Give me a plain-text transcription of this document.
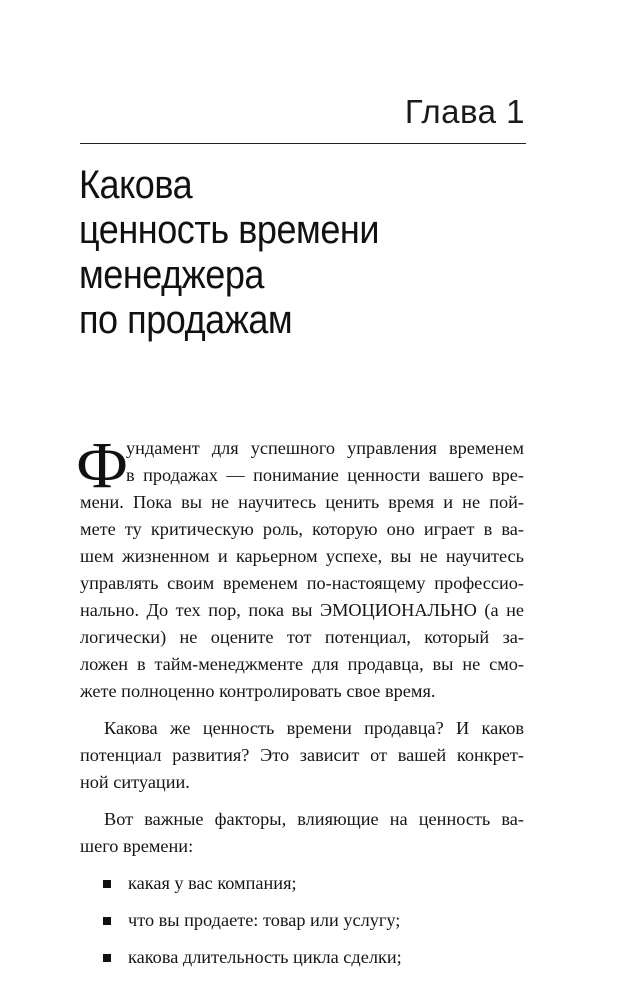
Глава 1
Какова
ценность времени
менеджера
по продажам
Ф
ундамент для успешного управления временем
в продажах — понимание ценности вашего вре-
мени. Пока вы не научитесь ценить время и не пой-
мете ту критическую роль, которую оно играет в ва-
шем жизненном и карьерном успехе, вы не научитесь
управлять своим временем по-настоящему профессио-
нально. До тех пор, пока вы ЭМОЦИОНАЛЬНО (а не
логически) не оцените тот потенциал, который за-
ложен в тайм-менеджменте для продавца, вы не смо-
жете полноценно контролировать свое время.
Какова же ценность времени продавца? И каков
потенциал развития? Это зависит от вашей конкрет-
ной ситуации.
Вот важные факторы, влияющие на ценность ва-
шего времени:
какая у вас компания;
что вы продаете: товар или услугу;
какова длительность цикла сделки;
